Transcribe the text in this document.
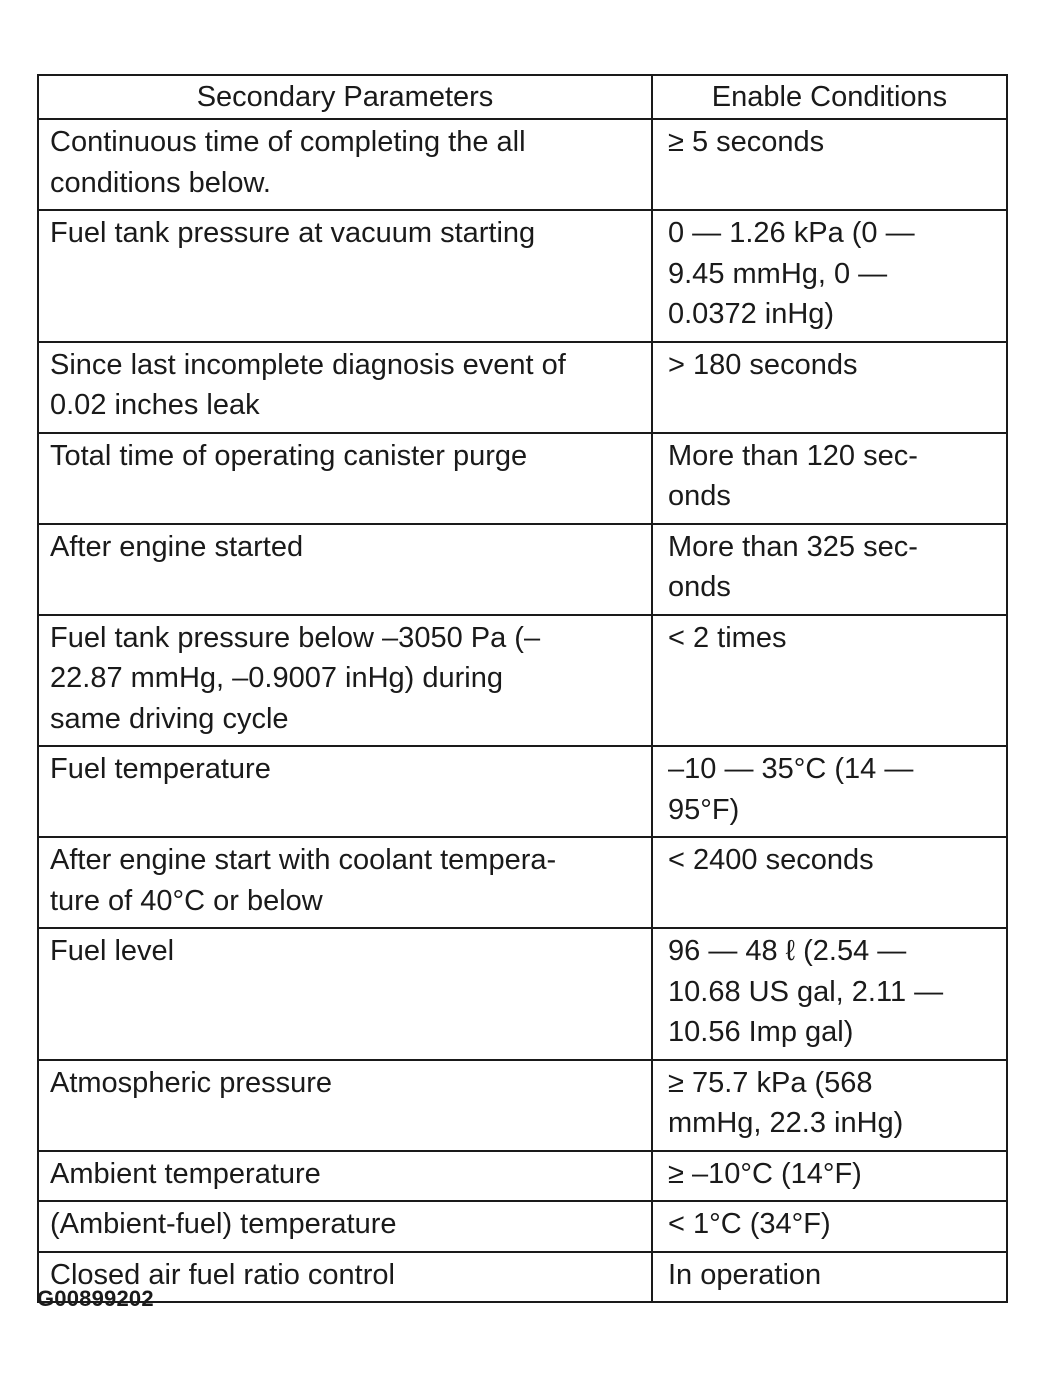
Secondary Parameters	Enable Conditions

Continuous time of completing the all
conditions below.	≥ 5 seconds

Fuel tank pressure at vacuum starting	0 — 1.26 kPa (0 —
9.45 mmHg, 0 —
0.0372 inHg)

Since last incomplete diagnosis event of
0.02 inches leak	> 180 seconds

Total time of operating canister purge	More than 120 sec-
onds

After engine started	More than 325 sec-
onds

Fuel tank pressure below –3050 Pa (–
22.87 mmHg, –0.9007 inHg) during
same driving cycle	< 2 times

Fuel temperature	–10 — 35°C (14 —
95°F)

After engine start with coolant tempera-
ture of 40°C or below	< 2400 seconds

Fuel level	96 — 48 ℓ (2.54 —
10.68 US gal, 2.11 —
10.56 Imp gal)

Atmospheric pressure	≥ 75.7 kPa (568
mmHg, 22.3 inHg)

Ambient temperature	≥ –10°C (14°F)

(Ambient-fuel) temperature	< 1°C (34°F)

Closed air fuel ratio control	In operation
G00899202
